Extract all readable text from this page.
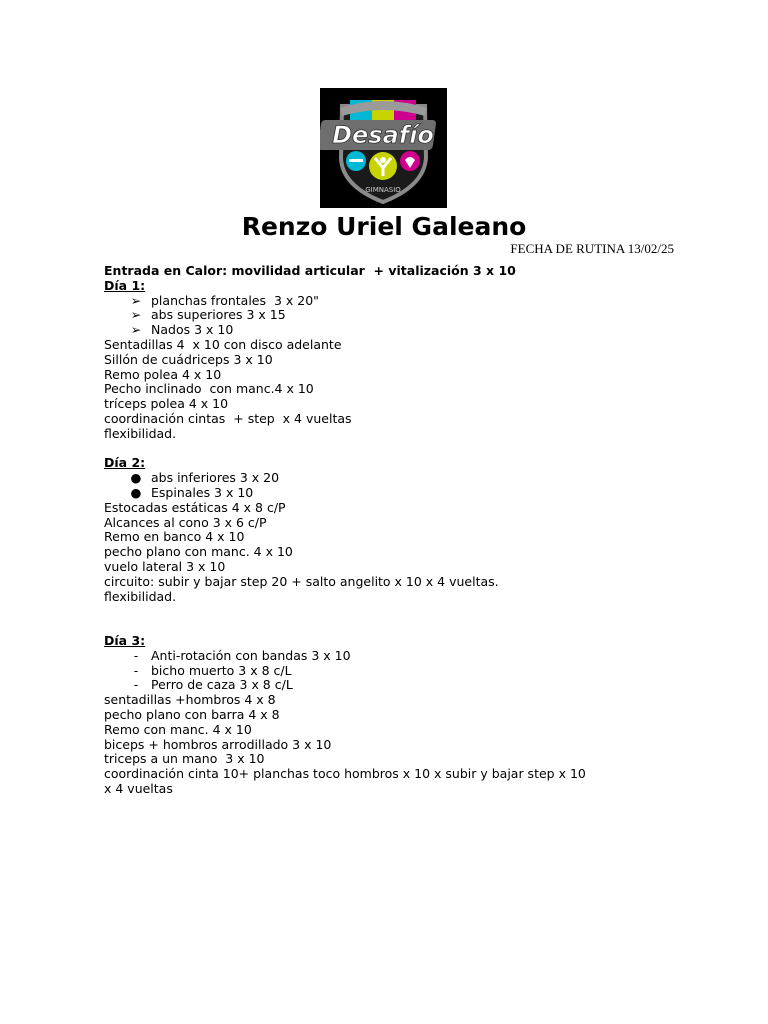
Desafío
GIMNASIO
Renzo Uriel Galeano
FECHA DE RUTINA 13/02/25
Entrada en Calor: movilidad articular  + vitalización 3 x 10
Día 1:
➢ planchas frontales  3 x 20"
➢ abs superiores 3 x 15
➢ Nados 3 x 10
Sentadillas 4  x 10 con disco adelante
Sillón de cuádriceps 3 x 10
Remo polea 4 x 10
Pecho inclinado  con manc.4 x 10
tríceps polea 4 x 10
coordinación cintas  + step  x 4 vueltas
flexibilidad.
Día 2:
● abs inferiores 3 x 20
● Espinales 3 x 10
Estocadas estáticas 4 x 8 c/P
Alcances al cono 3 x 6 c/P
Remo en banco 4 x 10
pecho plano con manc. 4 x 10
vuelo lateral 3 x 10
circuito: subir y bajar step 20 + salto angelito x 10 x 4 vueltas.
flexibilidad.
Día 3:
-	Anti-rotación con bandas 3 x 10
-	bicho muerto 3 x 8 c/L
-	Perro de caza 3 x 8 c/L
sentadillas +hombros 4 x 8
pecho plano con barra 4 x 8
Remo con manc. 4 x 10
biceps + hombros arrodillado 3 x 10
triceps a un mano  3 x 10
coordinación cinta 10+ planchas toco hombros x 10 x subir y bajar step x 10
x 4 vueltas
